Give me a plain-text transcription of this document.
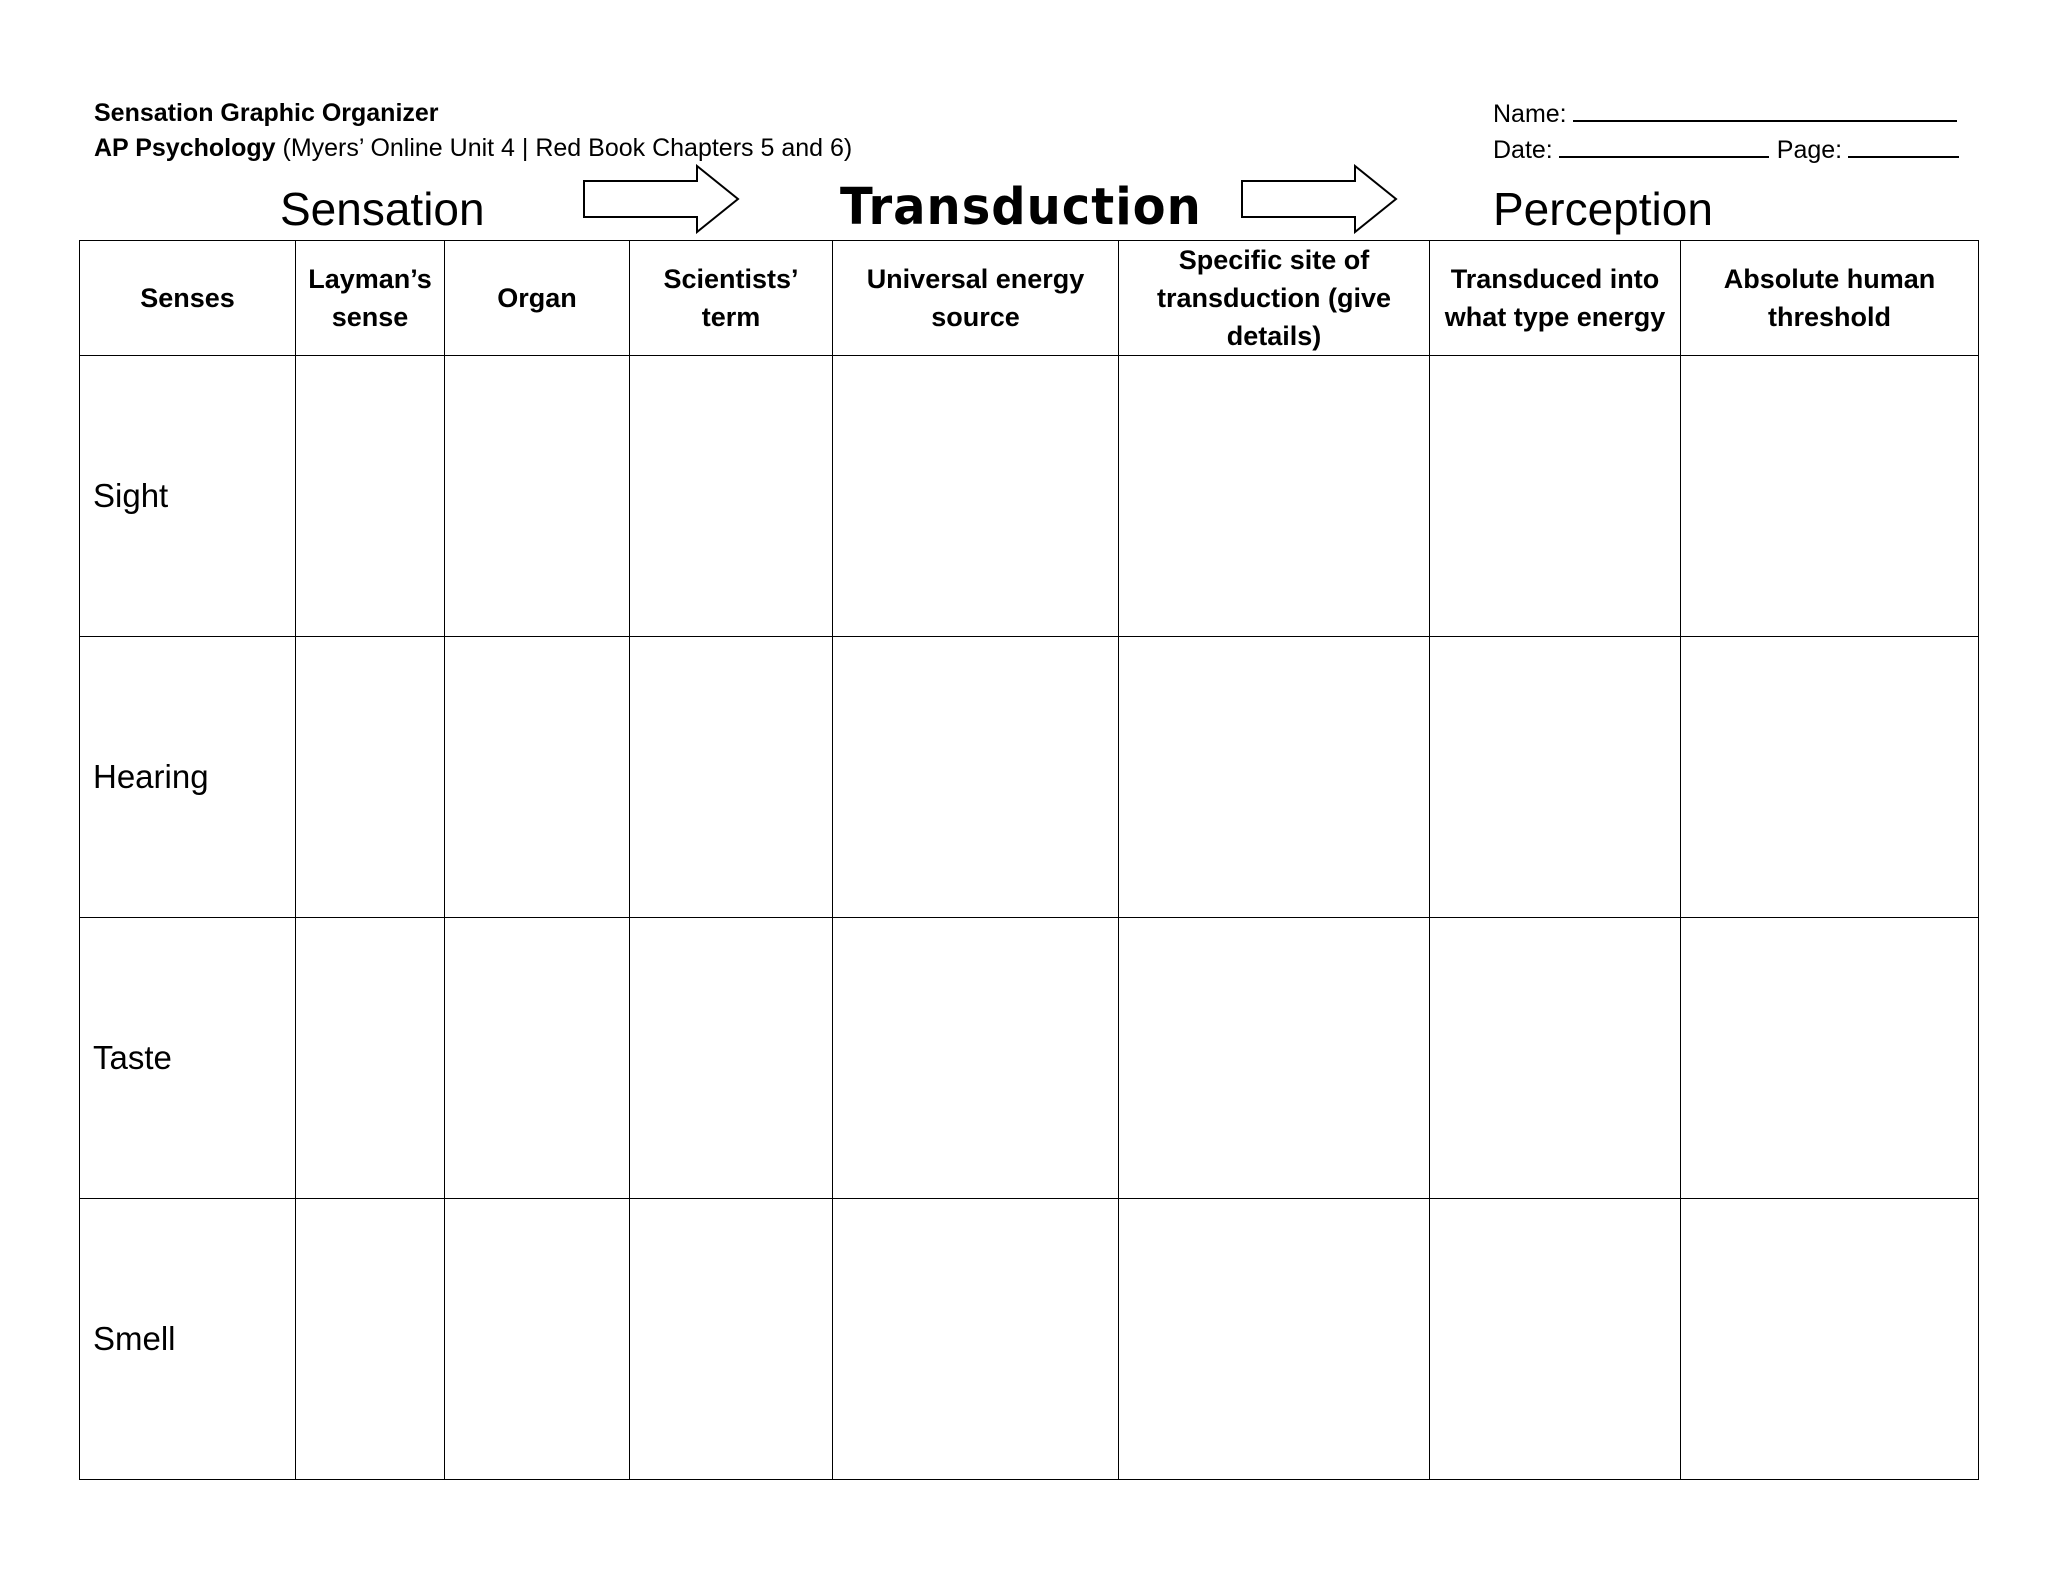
Sensation Graphic Organizer
AP Psychology (Myers’ Online Unit 4 | Red Book Chapters 5 and 6)
Name:
Date:	Page:
Sensation	Transduction	Perception
Senses	Layman’s sense	Organ	Scientists’ term	Universal energy source	Specific site of transduction (give details)	Transduced into what type energy	Absolute human threshold
Sight							
Hearing							
Taste							
Smell							
